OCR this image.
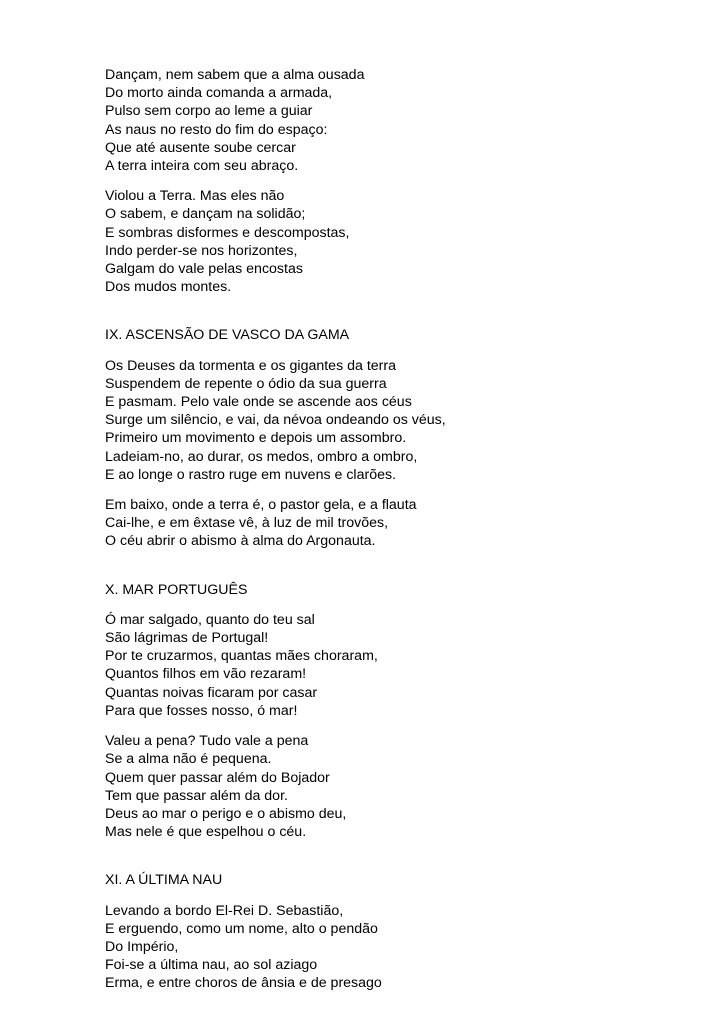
Dançam, nem sabem que a alma ousada

Do morto ainda comanda a armada,

Pulso sem corpo ao leme a guiar

As naus no resto do fim do espaço:

Que até ausente soube cercar

A terra inteira com seu abraço.

Violou a Terra. Mas eles não

O sabem, e dançam na solidão;

E sombras disformes e descompostas,

Indo perder-se nos horizontes,

Galgam do vale pelas encostas

Dos mudos montes.

IX. ASCENSÃO DE VASCO DA GAMA

Os Deuses da tormenta e os gigantes da terra

Suspendem de repente o ódio da sua guerra

E pasmam. Pelo vale onde se ascende aos céus

Surge um silêncio, e vai, da névoa ondeando os véus,

Primeiro um movimento e depois um assombro.

Ladeiam-no, ao durar, os medos, ombro a ombro,

E ao longe o rastro ruge em nuvens e clarões.

Em baixo, onde a terra é, o pastor gela, e a flauta

Cai-lhe, e em êxtase vê, à luz de mil trovões,

O céu abrir o abismo à alma do Argonauta.

X. MAR PORTUGUÊS

Ó mar salgado, quanto do teu sal

São lágrimas de Portugal!

Por te cruzarmos, quantas mães choraram,

Quantos filhos em vão rezaram!

Quantas noivas ficaram por casar

Para que fosses nosso, ó mar!

Valeu a pena? Tudo vale a pena

Se a alma não é pequena.

Quem quer passar além do Bojador

Tem que passar além da dor.

Deus ao mar o perigo e o abismo deu,

Mas nele é que espelhou o céu.

XI. A ÚLTIMA NAU

Levando a bordo El-Rei D. Sebastião,

E erguendo, como um nome, alto o pendão

Do Império,

Foi-se a última nau, ao sol aziago

Erma, e entre choros de ânsia e de presago
